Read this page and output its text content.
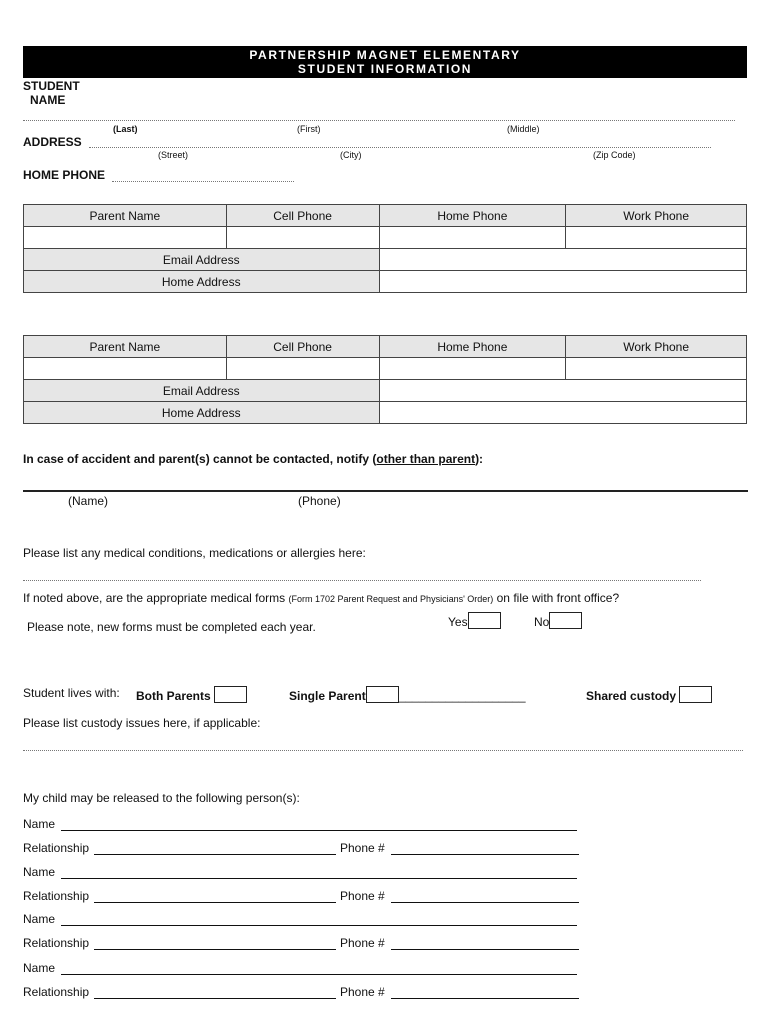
PARTNERSHIP MAGNET ELEMENTARY
STUDENT INFORMATION
STUDENT
NAME
(Last)	(First)	(Middle)
ADDRESS
(Street)	(City)	(Zip Code)
HOME PHONE
Parent Name	Cell Phone	Home Phone	Work Phone

Email Address			
Home Address			
Parent Name	Cell Phone	Home Phone	Work Phone

Email Address			
Home Address			
In case of accident and parent(s) cannot be contacted, notify (other than parent):
(Name)	(Phone)
Please list any medical conditions, medications or allergies here:
If noted above, are the appropriate medical forms (Form 1702 Parent Request and Physicians' Order) on file with front office?
Please note, new forms must be completed each year.	Yes	No
Student lives with: Both Parents	Single Parent	___________________	Shared custody
Please list custody issues here, if applicable:
My child may be released to the following person(s):
Name
Relationship	Phone #
Name
Relationship	Phone #
Name
Relationship	Phone #
Name
Relationship	Phone #
